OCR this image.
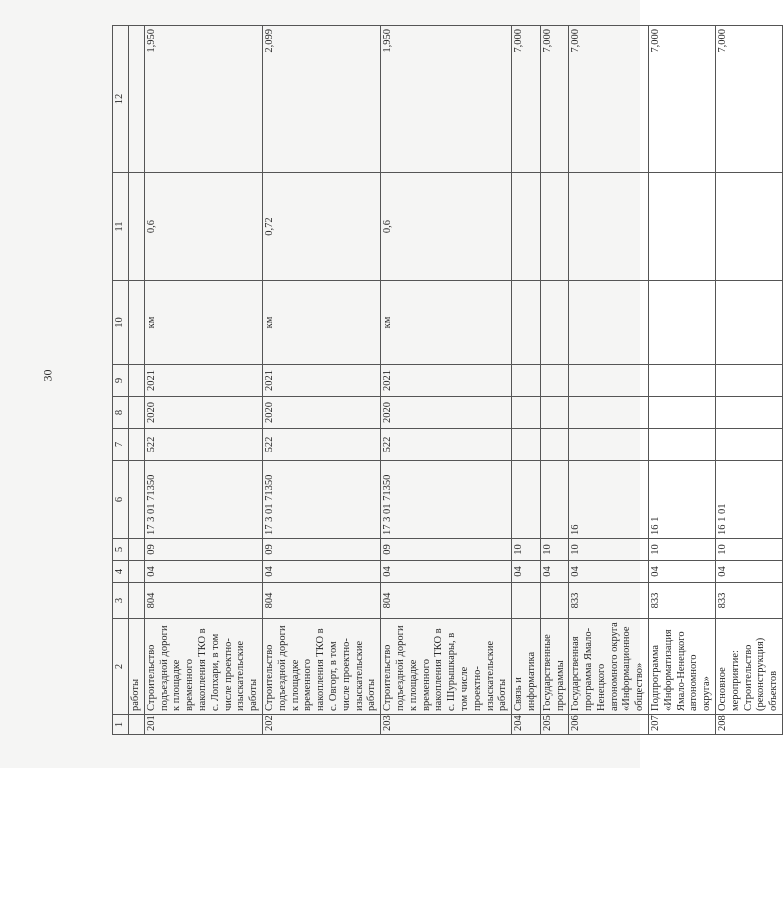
30
1	2	3	4	5	6	7	8	9	10	11	12
	работы										
201	Строительство подъездной дороги к площадке временного накопления ТКО в с. Лопхари, в том числе проектно-изыскательские работы	804	04	09	17 3 01 71350	522	2020	2021	км	0,6	1,950
202	Строительство подъездной дороги к площадке временного накопления ТКО в с. Овгорт, в том числе проектно-изыскательские работы	804	04	09	17 3 01 71350	522	2020	2021	км	0,72	2,099
203	Строительство подъездной дороги к площадке временного накопления ТКО в с. Шурышкары, в том числе проектно-изыскательские работы	804	04	09	17 3 01 71350	522	2020	2021	км	0,6	1,950
204	Связь и информатика		04	10							7,000
205	Государственные программы		04	10							7,000
206	Государственная программа Ямало-Ненецкого автономного округа «Информационное общество»	833	04	10	16						7,000
207	Подпрограмма «Информатизация Ямало-Ненецкого автономного округа»	833	04	10	16 1						7,000
208	Основное мероприятие: Строительство (реконструкция) объектов	833	04	10	16 1 01						7,000
